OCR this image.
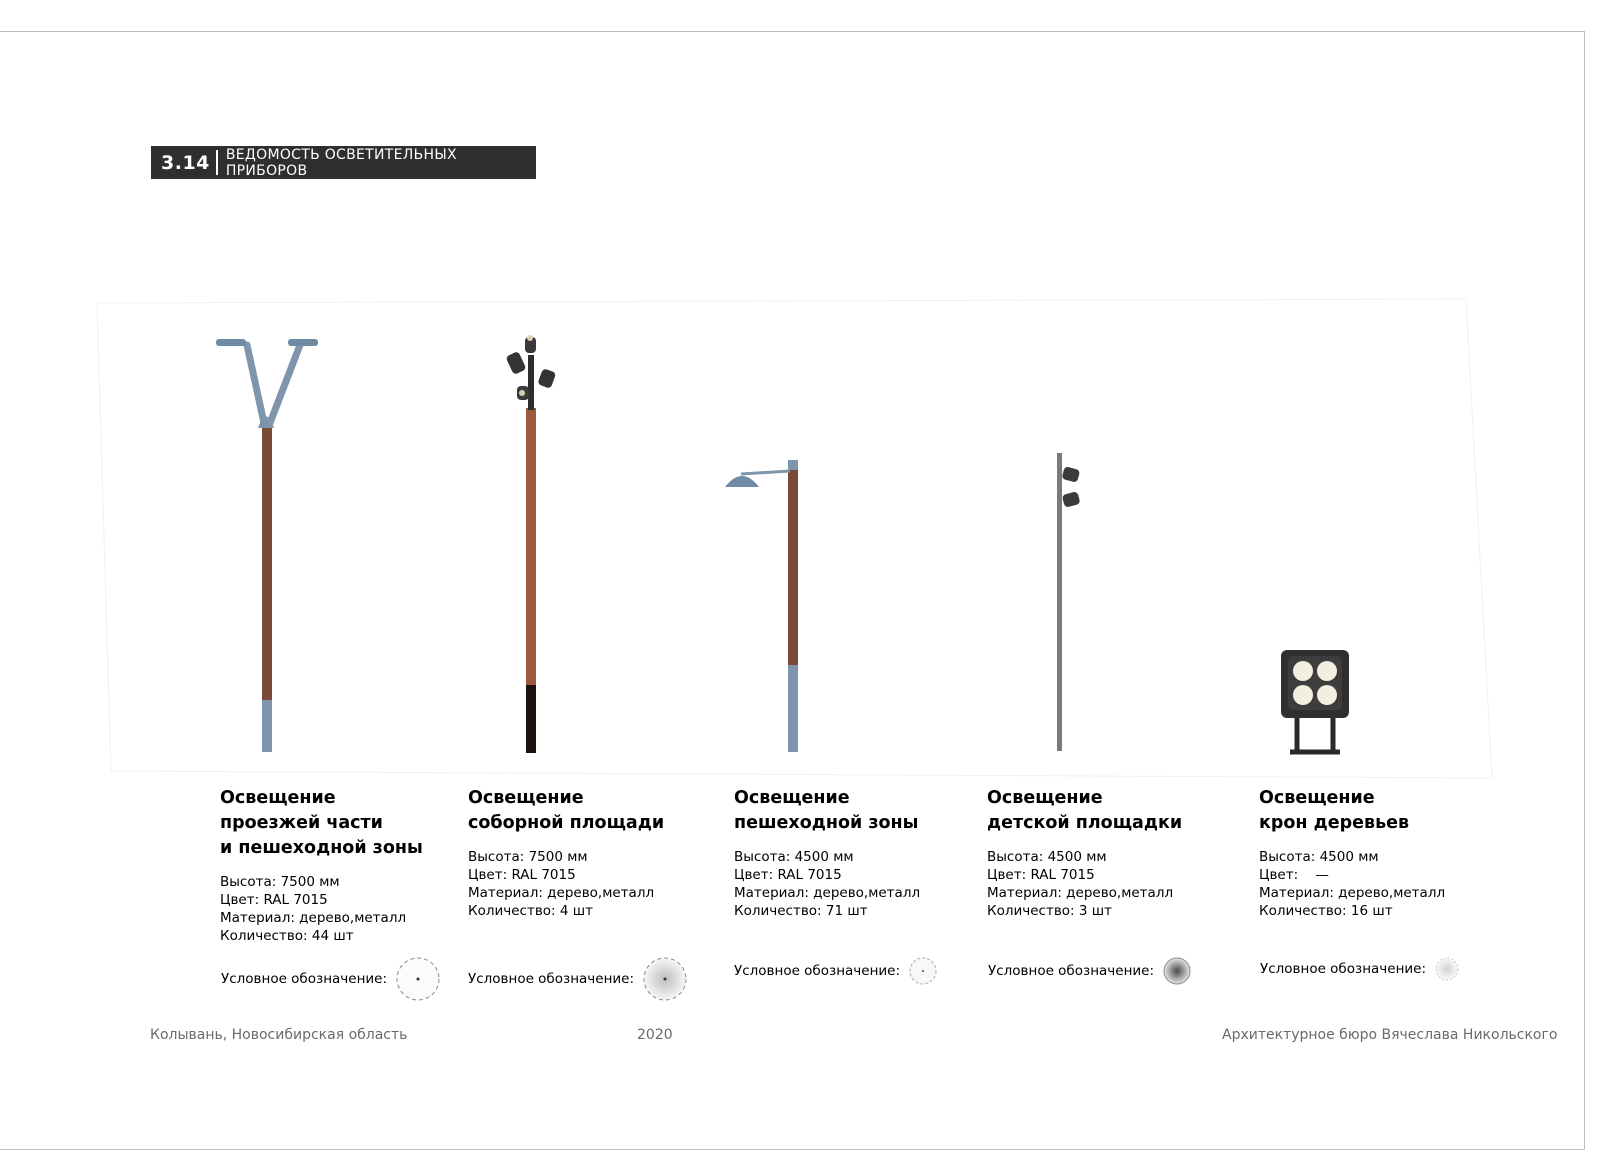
3.14	ВЕДОМОСТЬ ОСВЕТИТЕЛЬНЫХ ПРИБОРОВ
Освещение
проезжей части
и пешеходной зоны
Высота: 7500 мм
Цвет: RAL 7015
Материал: дерево,металл
Количество: 44 шт
Условное обозначение:
Освещение
соборной площади
Высота: 7500 мм
Цвет: RAL 7015
Материал: дерево,металл
Количество: 4 шт
Условное обозначение:
Освещение
пешеходной зоны
Высота: 4500 мм
Цвет: RAL 7015
Материал: дерево,металл
Количество: 71 шт
Условное обозначение:
Освещение
детской площадки
Высота: 4500 мм
Цвет: RAL 7015
Материал: дерево,металл
Количество: 3 шт
Условное обозначение:
Освещение
крон деревьев
Высота: 4500 мм
Цвет:    —
Материал: дерево,металл
Количество: 16 шт
Условное обозначение:
Колывань, Новосибирская область	2020	Архитектурное бюро Вячеслава Никольского
